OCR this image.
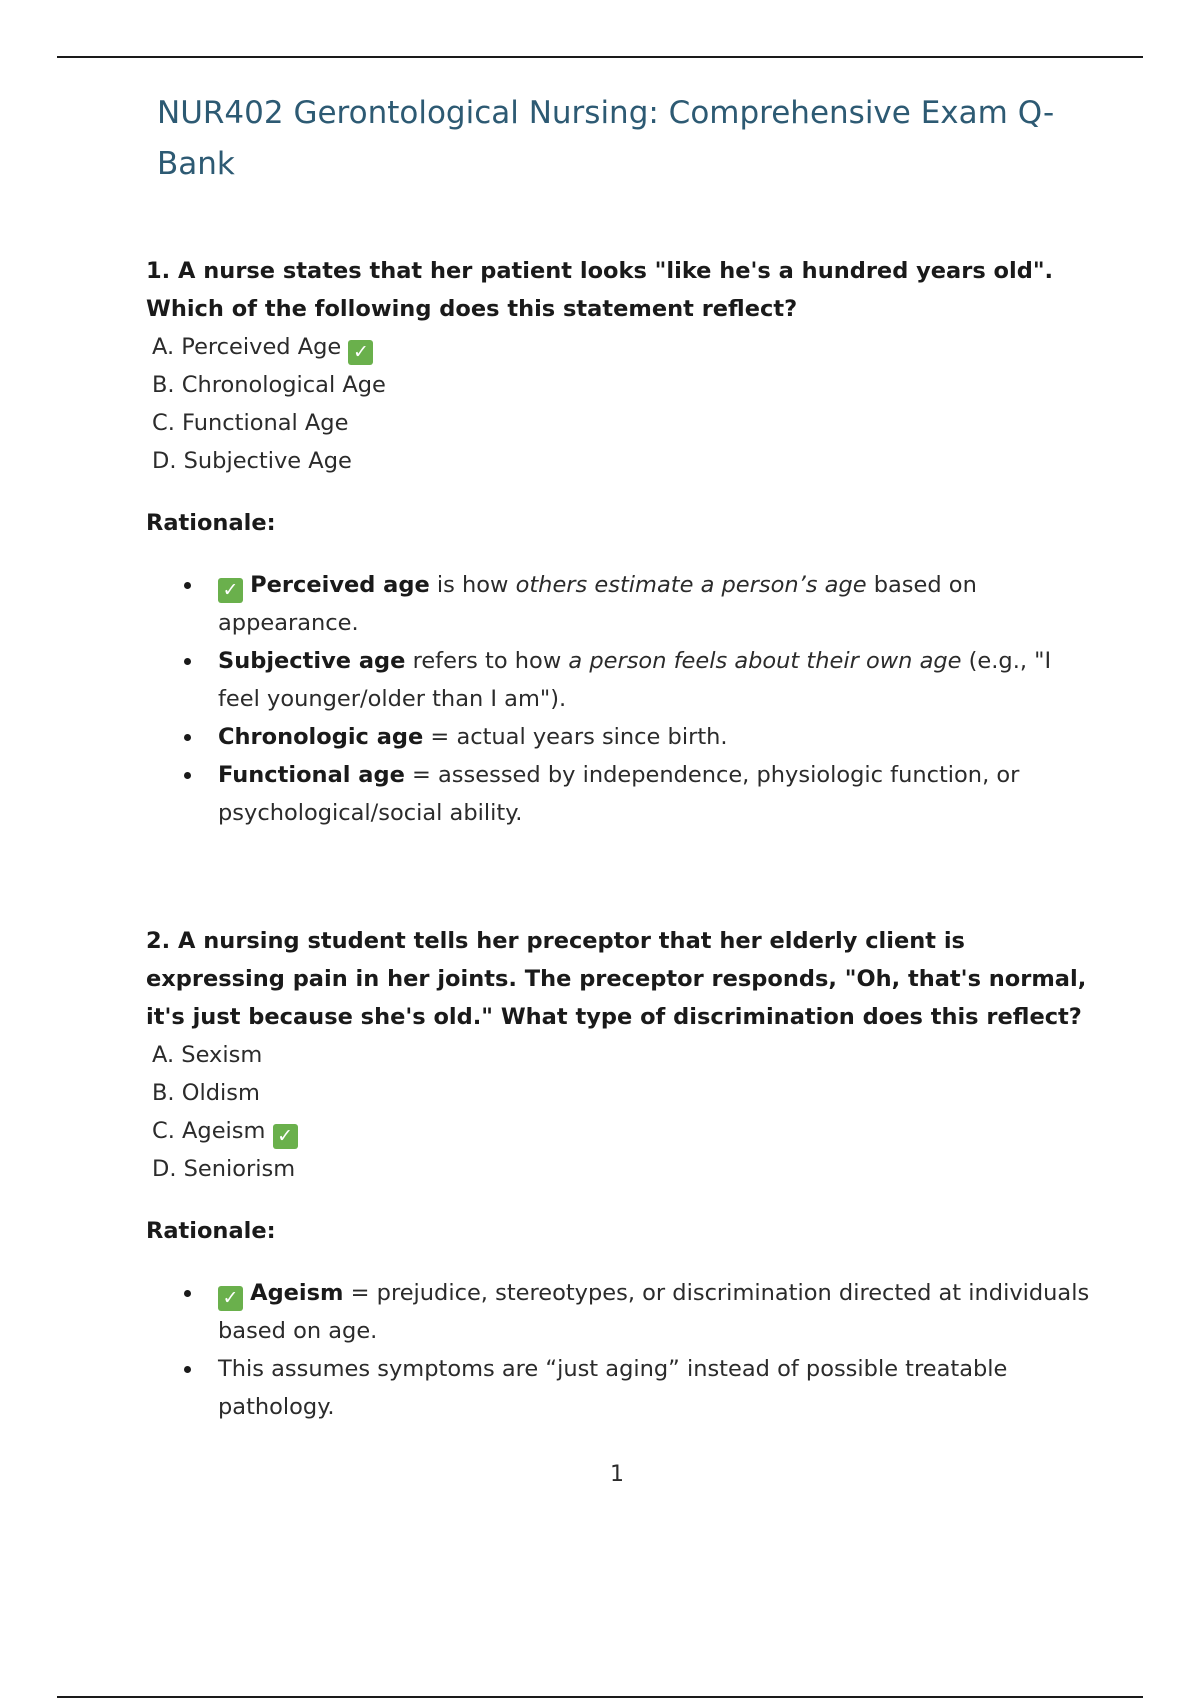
NUR402 Gerontological Nursing: Comprehensive Exam Q-Bank

1. A nurse states that her patient looks "like he's a hundred years old". Which of the following does this statement reflect?

A. Perceived Age ✓
B. Chronological Age
C. Functional Age
D. Subjective Age

Rationale:

✓ Perceived age is how others estimate a person’s age based on appearance.
Subjective age refers to how a person feels about their own age (e.g., "I feel younger/older than I am").
Chronologic age = actual years since birth.
Functional age = assessed by independence, physiologic function, or psychological/social ability.

2. A nursing student tells her preceptor that her elderly client is expressing pain in her joints. The preceptor responds, "Oh, that's normal, it's just because she's old." What type of discrimination does this reflect?

A. Sexism
B. Oldism
C. Ageism ✓
D. Seniorism

Rationale:

✓ Ageism = prejudice, stereotypes, or discrimination directed at individuals based on age.
This assumes symptoms are “just aging” instead of possible treatable pathology.
1
